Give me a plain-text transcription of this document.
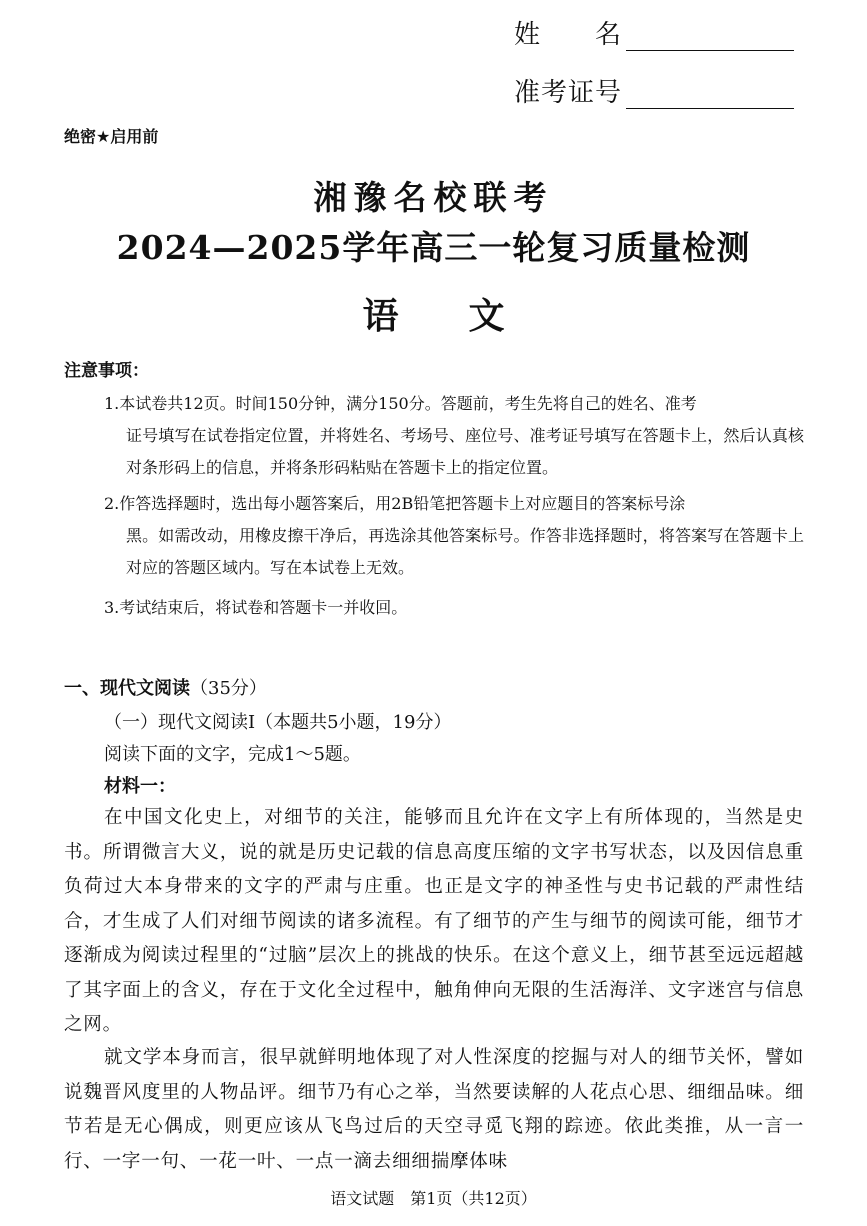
姓　　名
准考证号
绝密★启用前
湘豫名校联考
2024—2025学年高三一轮复习质量检测
语文
注意事项：
1.本试卷共12页。时间150分钟，满分150分。答题前，考生先将自己的姓名、准考
证号填写在试卷指定位置，并将姓名、考场号、座位号、准考证号填写在答题卡上，然后认真核对条形码上的信息，并将条形码粘贴在答题卡上的指定位置。
2.作答选择题时，选出每小题答案后，用2B铅笔把答题卡上对应题目的答案标号涂
黑。如需改动，用橡皮擦干净后，再选涂其他答案标号。作答非选择题时，将答案写在答题卡上对应的答题区域内。写在本试卷上无效。
3.考试结束后，将试卷和答题卡一并收回。
一、现代文阅读（35分）
（一）现代文阅读Ⅰ（本题共5小题，19分）
阅读下面的文字，完成1～5题。
材料一：
在中国文化史上，对细节的关注，能够而且允许在文字上有所体现的，当然是史书。所谓微言大义，说的就是历史记载的信息高度压缩的文字书写状态，以及因信息重负荷过大本身带来的文字的严肃与庄重。也正是文字的神圣性与史书记载的严肃性结合，才生成了人们对细节阅读的诸多流程。有了细节的产生与细节的阅读可能，细节才逐渐成为阅读过程里的“过脑”层次上的挑战的快乐。在这个意义上，细节甚至远远超越了其字面上的含义，存在于文化全过程中，触角伸向无限的生活海洋、文字迷宫与信息之网。
就文学本身而言，很早就鲜明地体现了对人性深度的挖掘与对人的细节关怀，譬如说魏晋风度里的人物品评。细节乃有心之举，当然要读解的人花点心思、细细品味。细节若是无心偶成，则更应该从飞鸟过后的天空寻觅飞翔的踪迹。依此类推，从一言一行、一字一句、一花一叶、一点一滴去细细揣摩体味
语文试题　第1页（共12页）
